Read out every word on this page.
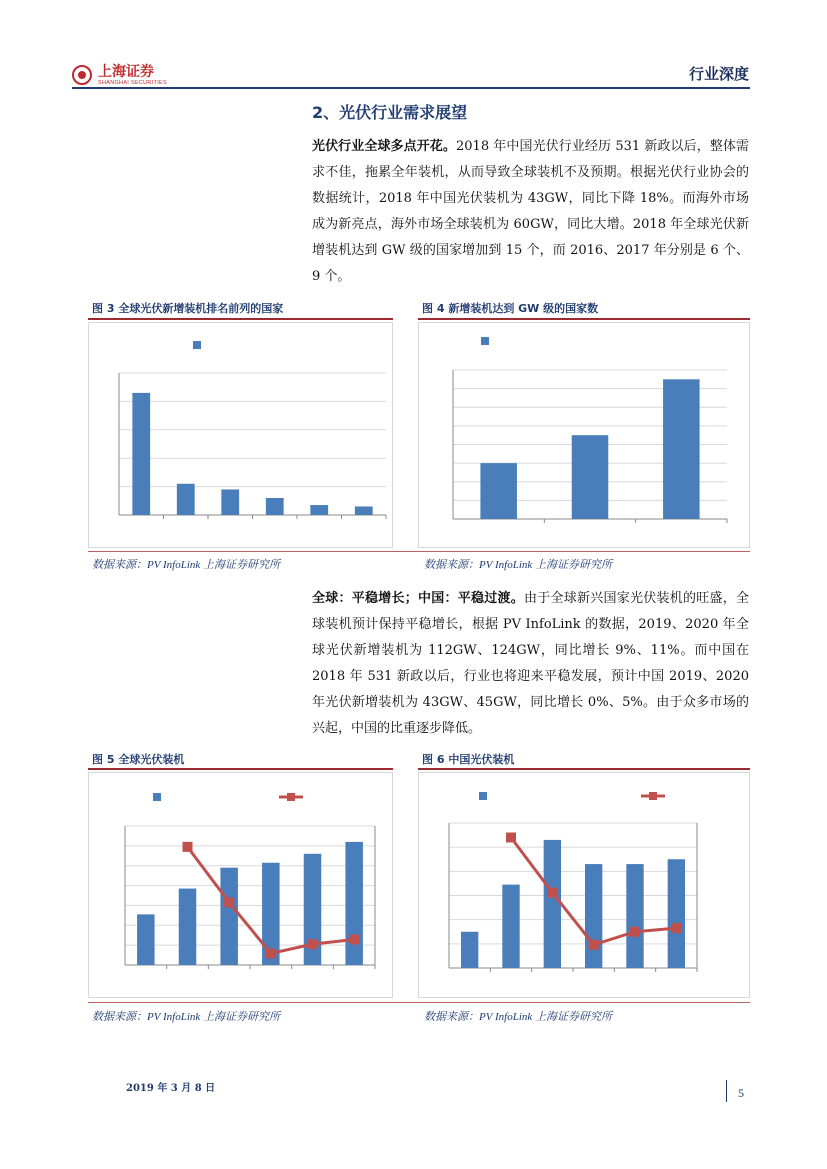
上海证券
SHANGHAI SECURITIES	行业深度
2、光伏行业需求展望
光伏行业全球多点开花。2018 年中国光伏行业经历 531 新政以后，整体需求不佳，拖累全年装机，从而导致全球装机不及预期。根据光伏行业协会的数据统计，2018 年中国光伏装机为 43GW，同比下降 18%。而海外市场成为新亮点，海外市场全球装机为 60GW，同比大增。2018 年全球光伏新增装机达到 GW 级的国家增加到 15 个，而 2016、2017 年分别是 6 个、9 个。
图 3 全球光伏新增装机排名前列的国家	图 4 新增装机达到 GW 级的国家数
数据来源：PV InfoLink 上海证券研究所	数据来源：PV InfoLink 上海证券研究所
全球：平稳增长；中国：平稳过渡。由于全球新兴国家光伏装机的旺盛，全球装机预计保持平稳增长，根据 PV InfoLink 的数据，2019、2020 年全球光伏新增装机为 112GW、124GW，同比增长 9%、11%。而中国在 2018 年 531 新政以后，行业也将迎来平稳发展，预计中国 2019、2020 年光伏新增装机为 43GW、45GW，同比增长 0%、5%。由于众多市场的兴起，中国的比重逐步降低。
图 5 全球光伏装机	图 6 中国光伏装机
数据来源：PV InfoLink 上海证券研究所	数据来源：PV InfoLink 上海证券研究所
2019 年 3 月 8 日	5
